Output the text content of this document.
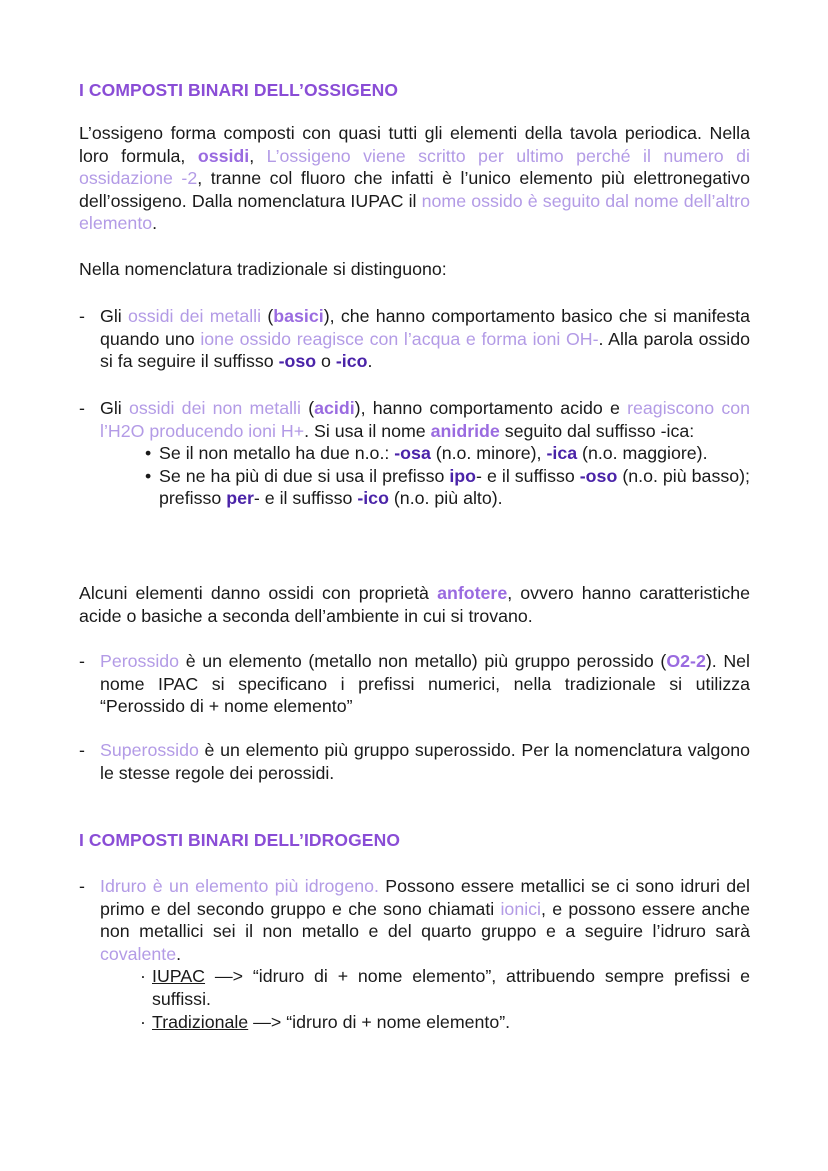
I COMPOSTI BINARI DELL’OSSIGENO

L’ossigeno forma composti con quasi tutti gli elementi della tavola periodica. Nella loro formula, ossidi, L’ossigeno viene scritto per ultimo perché il numero di ossidazione -2, tranne col fluoro che infatti è l’unico elemento più elettronegativo dell’ossigeno. Dalla nomenclatura IUPAC il nome ossido è seguito dal nome dell’altro elemento.

Nella nomenclatura tradizionale si distinguono:

- Gli ossidi dei metalli (basici), che hanno comportamento basico che si manifesta quando uno ione ossido reagisce con l’acqua e forma ioni OH-. Alla parola ossido si fa seguire il suffisso -oso o -ico.
- Gli ossidi dei non metalli (acidi), hanno comportamento acido e reagiscono con l’H2O producendo ioni H+. Si usa il nome anidride seguito dal suffisso -ica:
• Se il non metallo ha due n.o.: -osa (n.o. minore), -ica (n.o. maggiore).
• Se ne ha più di due si usa il prefisso ipo- e il suffisso -oso (n.o. più basso); prefisso per- e il suffisso -ico (n.o. più alto).

Alcuni elementi danno ossidi con proprietà anfotere, ovvero hanno caratteristiche acide o basiche a seconda dell’ambiente in cui si trovano.

- Perossido è un elemento (metallo non metallo) più gruppo perossido (O2-2). Nel nome IPAC si specificano i prefissi numerici, nella tradizionale si utilizza “Perossido di + nome elemento”
- Superossido è un elemento più gruppo superossido. Per la nomenclatura valgono le stesse regole dei perossidi.
I COMPOSTI BINARI DELL’IDROGENO
- Idruro è un elemento più idrogeno. Possono essere metallici se ci sono idruri del primo e del secondo gruppo e che sono chiamati ionici, e possono essere anche non metallici sei il non metallo e del quarto gruppo e a seguire l’idruro sarà covalente.
· IUPAC —> “idruro di + nome elemento”, attribuendo sempre prefissi e suffissi.
· Tradizionale —> “idruro di + nome elemento”.
